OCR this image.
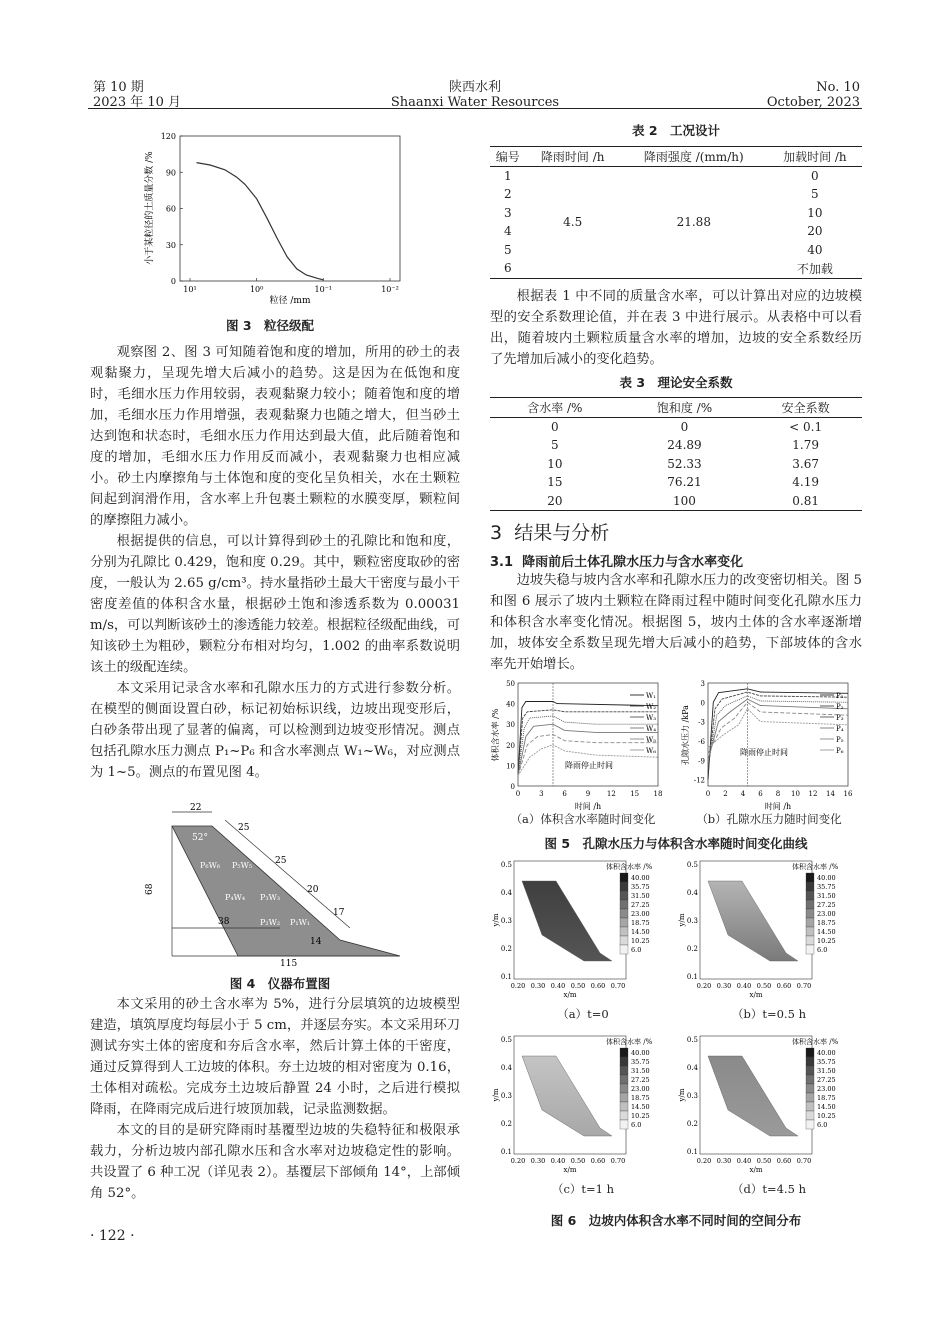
第 10 期
2023 年 10 月
陕西水利
Shaanxi Water Resources
No. 10
October, 2023
0
30
60
90
120
10¹	10⁰	10⁻¹	10⁻²
小于某粒径的土质量分数 /%
粒径 /mm
图 3　粒径级配

观察图 2、图 3 可知随着饱和度的增加，所用的砂土的表观黏聚力，呈现先增大后减小的趋势。这是因为在低饱和度时，毛细水压力作用较弱，表观黏聚力较小；随着饱和度的增加，毛细水压力作用增强，表观黏聚力也随之增大，但当砂土达到饱和状态时，毛细水压力作用达到最大值，此后随着饱和度的增加，毛细水压力作用反而减小，表观黏聚力也相应减小。砂土内摩擦角与土体饱和度的变化呈负相关，水在土颗粒间起到润滑作用，含水率上升包裹土颗粒的水膜变厚，颗粒间的摩擦阻力减小。

根据提供的信息，可以计算得到砂土的孔隙比和饱和度，分别为孔隙比 0.429，饱和度 0.29。其中，颗粒密度取砂的密度，一般认为 2.65 g/cm³。持水量指砂土最大干密度与最小干密度差值的体积含水量，根据砂土饱和渗透系数为 0.00031 m/s，可以判断该砂土的渗透能力较差。根据粒径级配曲线，可知该砂土为粗砂，颗粒分布相对均匀，1.002 的曲率系数说明该土的级配连续。

本文采用记录含水率和孔隙水压力的方式进行参数分析。在模型的侧面设置白砂，标记初始标识线，边坡出现变形后，白砂条带出现了显著的偏离，可以检测到边坡变形情况。测点包括孔隙水压力测点 P₁~P₆ 和含水率测点 W₁~W₆，对应测点为 1~5。测点的布置见图 4。

22
25
25
20
17
68
38
115
14
52°
P₆W₆ P₅W₅
P₄W₄ P₃W₃
P₂W₂ P₁W₁
图 4　仪器布置图

本文采用的砂土含水率为 5%，进行分层填筑的边坡模型建造，填筑厚度均每层小于 5 cm，并逐层夯实。本文采用环刀测试夯实土体的密度和夯后含水率，然后计算土体的干密度，通过反算得到人工边坡的体积。夯土边坡的相对密度为 0.16，土体相对疏松。完成夯土边坡后静置 24 小时，之后进行模拟降雨，在降雨完成后进行坡顶加载，记录监测数据。

本文的目的是研究降雨时基覆型边坡的失稳特征和极限承载力，分析边坡内部孔隙水压和含水率对边坡稳定性的影响。共设置了 6 种工况（详见表 2）。基覆层下部倾角 14°，上部倾角 52°。

· 122 ·
表 2　工况设计
编号	降雨时间 /h	降雨强度 /(mm/h)	加载时间 /h
1	4.5	21.88	0
2			5
3			10
4			20
5			40
6			不加载

根据表 1 中不同的质量含水率，可以计算出对应的边坡模型的安全系数理论值，并在表 3 中进行展示。从表格中可以看出，随着坡内土颗粒质量含水率的增加，边坡的安全系数经历了先增加后减小的变化趋势。

表 3　理论安全系数
含水率 /%	饱和度 /%	安全系数
0	0	< 0.1
5	24.89	1.79
10	52.33	3.67
15	76.21	4.19
20	100	0.81
3 结果与分析
3.1 降雨前后土体孔隙水压力与含水率变化

边坡失稳与坡内含水率和孔隙水压力的改变密切相关。图 5 和图 6 展示了坡内土颗粒在降雨过程中随时间变化孔隙水压力和体积含水率变化情况。根据图 5，坡内土体的含水率逐渐增加，坡体安全系数呈现先增大后减小的趋势，下部坡体的含水率先开始增长。

0
10
20
30
40
50
0	3	6	9 12 15 18
W₁
W₂
W₃
W₄
W₅
W₆
降雨停止时间
时间 /h
体积含水率 /%
3
0
-3
-6
-9
-12
0 2 4 6 8 10 12 14 16
P₁
P₂
P₃
P₄
P₅
P₆
降雨停止时间
时间 /h
孔隙水压力 /kPa
（a）体积含水率随时间变化	（b）孔隙水压力随时间变化
图 5　孔隙水压力与体积含水率随时间变化曲线
0.5
0.4
0.3
0.2
0.1
0.20 0.30 0.40 0.50 0.60 0.70
x/m
y/m
体积含水率 /%
40.00
35.75
31.50
27.25
23.00
18.75
14.50
10.25
6.0
（a）t=0
0.5
0.4
0.3
0.2
0.1
0.20 0.30 0.40 0.50 0.60 0.70
x/m
y/m
体积含水率 /%
40.00
35.75
31.50
27.25
23.00
18.75
14.50
10.25
6.0
（b）t=0.5 h
0.5
0.4
0.3
0.2
0.1
0.20 0.30 0.40 0.50 0.60 0.70
x/m
y/m
体积含水率 /%
40.00
35.75
31.50
27.25
23.00
18.75
14.50
10.25
6.0
（c）t=1 h
0.5
0.4
0.3
0.2
0.1
0.20 0.30 0.40 0.50 0.60 0.70
x/m
y/m
体积含水率 /%
40.00
35.75
31.50
27.25
23.00
18.75
14.50
10.25
6.0
（d）t=4.5 h
图 6　边坡内体积含水率不同时间的空间分布
